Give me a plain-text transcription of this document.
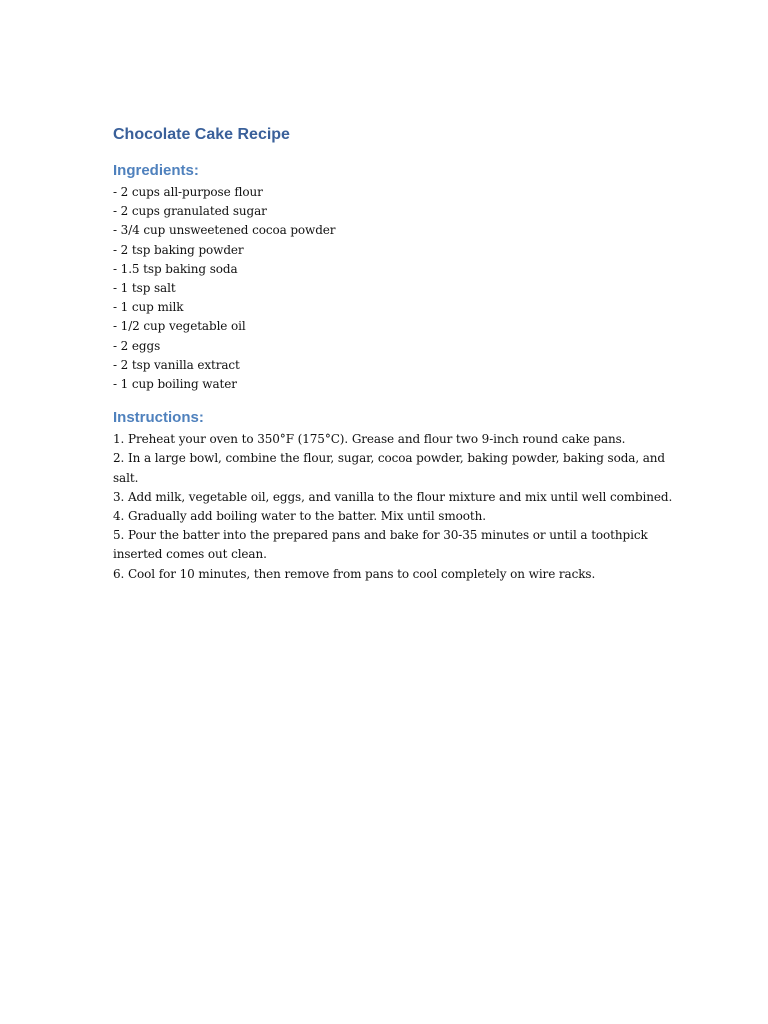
Chocolate Cake Recipe
Ingredients:
- 2 cups all-purpose flour
- 2 cups granulated sugar
- 3/4 cup unsweetened cocoa powder
- 2 tsp baking powder
- 1.5 tsp baking soda
- 1 tsp salt
- 1 cup milk
- 1/2 cup vegetable oil
- 2 eggs
- 2 tsp vanilla extract
- 1 cup boiling water
Instructions:
1. Preheat your oven to 350°F (175°C). Grease and flour two 9-inch round cake pans.
2. In a large bowl, combine the flour, sugar, cocoa powder, baking powder, baking soda, and salt.
3. Add milk, vegetable oil, eggs, and vanilla to the flour mixture and mix until well combined.
4. Gradually add boiling water to the batter. Mix until smooth.
5. Pour the batter into the prepared pans and bake for 30-35 minutes or until a toothpick inserted comes out clean.
6. Cool for 10 minutes, then remove from pans to cool completely on wire racks.
